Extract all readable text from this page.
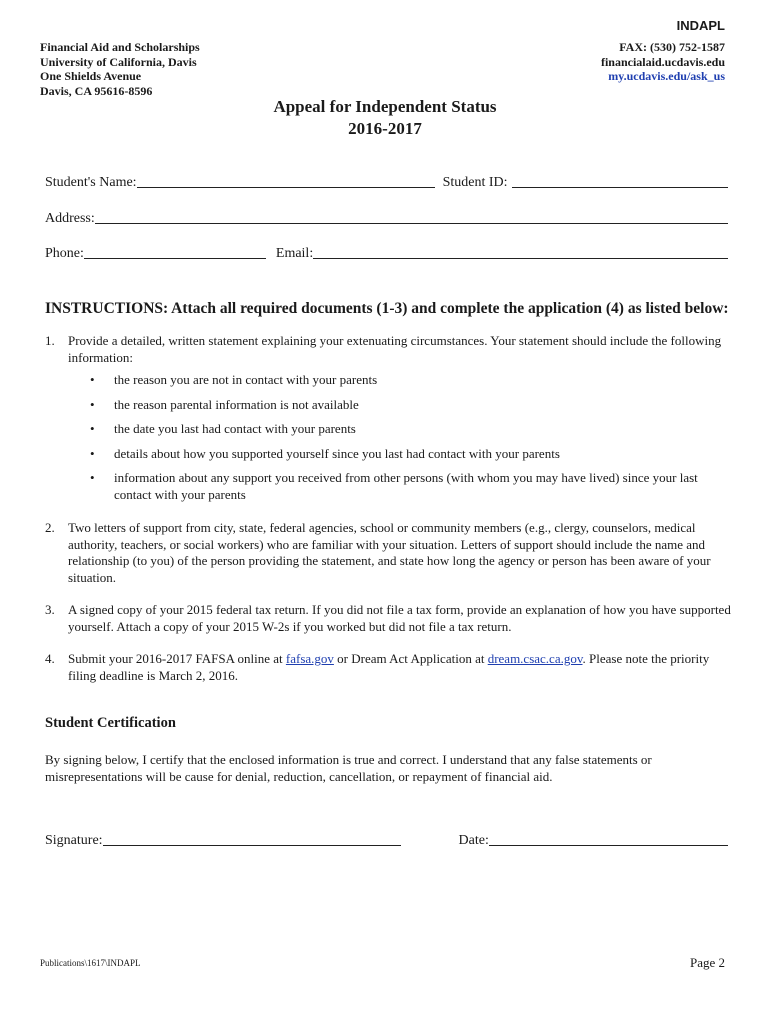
INDAPL
Financial Aid and Scholarships
University of California, Davis
One Shields Avenue
Davis, CA 95616-8596
FAX: (530) 752-1587
financialaid.ucdavis.edu
my.ucdavis.edu/ask_us
Appeal for Independent Status
2016-2017
Student's Name:	Student ID:
Address:
Phone:	Email:
INSTRUCTIONS: Attach all required documents (1-3) and complete the application (4) as listed below:
1. Provide a detailed, written statement explaining your extenuating circumstances. Your statement should include the following information:
• the reason you are not in contact with your parents
• the reason parental information is not available
• the date you last had contact with your parents
• details about how you supported yourself since you last had contact with your parents
• information about any support you received from other persons (with whom you may have lived) since your last contact with your parents
2. Two letters of support from city, state, federal agencies, school or community members (e.g., clergy, counselors, medical authority, teachers, or social workers) who are familiar with your situation. Letters of support should include the name and relationship (to you) of the person providing the statement, and state how long the agency or person has been aware of your situation.
3. A signed copy of your 2015 federal tax return. If you did not file a tax form, provide an explanation of how you have supported yourself. Attach a copy of your 2015 W-2s if you worked but did not file a tax return.
4. Submit your 2016-2017 FAFSA online at fafsa.gov or Dream Act Application at dream.csac.ca.gov. Please note the priority filing deadline is March 2, 2016.
Student Certification
By signing below, I certify that the enclosed information is true and correct. I understand that any false statements or misrepresentations will be cause for denial, reduction, cancellation, or repayment of financial aid.
Signature:	Date:
Publications\1617\INDAPL	Page 2
